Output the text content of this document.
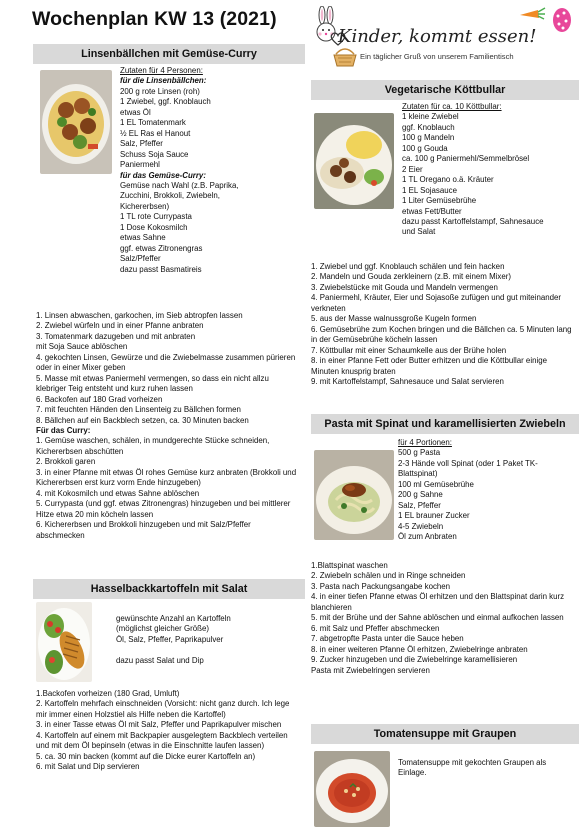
Wochenplan KW 13 (2021)
Kinder, kommt essen!
Ein täglicher Gruß von unserem Familientisch
Linsenbällchen mit Gemüse-Curry
Zutaten für 4 Personen:
für die Linsenbällchen:
200 g rote Linsen (roh)
1 Zwiebel, ggf. Knoblauch
etwas Öl
1 EL Tomatenmark
½ EL Ras el Hanout
Salz, Pfeffer
Schuss Soja Sauce
Paniermehl
für das Gemüse-Curry:
Gemüse nach Wahl (z.B. Paprika,
Zucchini, Brokkoli, Zwiebeln,
Kichererbsen)
1 TL rote Currypasta
1 Dose Kokosmilch
etwas Sahne
ggf. etwas Zitronengras
Salz/Pfeffer
dazu passt Basmatireis
1. Linsen abwaschen, garkochen, im Sieb abtropfen lassen
2. Zwiebel würfeln und in einer Pfanne anbraten
3. Tomatenmark dazugeben und mit anbraten
mit Soja Sauce ablöschen
4. gekochten Linsen, Gewürze und die Zwiebelmasse zusammen pürieren oder in einer Mixer geben
5. Masse mit etwas Paniermehl vermengen, so dass ein nicht allzu klebriger Teig entsteht und kurz ruhen lassen
6. Backofen auf 180 Grad vorheizen
7. mit feuchten Händen den Linsenteig zu Bällchen formen
8. Bällchen auf ein Backblech setzen, ca. 30 Minuten backen
Für das Curry:
1. Gemüse waschen, schälen, in mundgerechte Stücke schneiden, Kichererbsen abschütten
2. Brokkoli garen
3. in einer Pfanne mit etwas Öl rohes Gemüse kurz anbraten (Brokkoli und Kichererbsen erst kurz vorm Ende hinzugeben)
4. mit Kokosmilch und etwas Sahne ablöschen
5. Currypasta (und ggf. etwas Zitronengras) hinzugeben und bei mittlerer Hitze etwa 20 min köcheln lassen
6. Kichererbsen und Brokkoli hinzugeben und mit Salz/Pfeffer abschmecken
Hasselbackkartoffeln mit Salat
gewünschte Anzahl an Kartoffeln
(möglichst gleicher Größe)
Öl, Salz, Pfeffer, Paprikapulver
dazu passt Salat und Dip
1.Backofen vorheizen (180 Grad, Umluft)
2. Kartoffeln mehrfach einschneiden (Vorsicht: nicht ganz durch. Ich lege mir immer einen Holzstiel als Hilfe neben die Kartoffel)
3. in einer Tasse etwas Öl mit Salz, Pfeffer und Paprikapulver mischen
4. Kartoffeln auf einem mit Backpapier ausgelegtem Backblech verteilen und mit dem Öl bepinseln (etwas in die Einschnitte laufen lassen)
5. ca. 30 min backen (kommt auf die Dicke eurer Kartoffeln an)
6. mit Salat und Dip servieren
Vegetarische Köttbullar
Zutaten für ca. 10 Köttbullar:
1 kleine Zwiebel
ggf. Knoblauch
100 g Mandeln
100 g Gouda
ca. 100 g Paniermehl/Semmelbrösel
2 Eier
1 TL Oregano o.ä. Kräuter
1 EL Sojasauce
1 Liter Gemüsebrühe
etwas Fett/Butter
dazu passt Kartoffelstampf, Sahnesauce
und Salat
1. Zwiebel und ggf. Knoblauch schälen und fein hacken
2. Mandeln und Gouda zerkleinern (z.B. mit einem Mixer)
3. Zwiebelstücke mit Gouda und Mandeln vermengen
4. Paniermehl, Kräuter, Eier und Sojasoße zufügen und gut miteinander verkneten
5. aus der Masse walnussgroße Kugeln formen
6. Gemüsebrühe zum Kochen bringen und die Bällchen ca. 5 Minuten lang in der Gemüsebrühe köcheln lassen
7. Köttbullar mit einer Schaumkelle aus der Brühe holen
8. in einer Pfanne Fett oder Butter erhitzen und die Köttbullar einige Minuten knusprig braten
9. mit Kartoffelstampf, Sahnesauce und Salat servieren
Pasta mit Spinat und karamellisierten Zwiebeln
für 4 Portionen:
500 g Pasta
2-3 Hände voll Spinat (oder 1 Paket TK-
Blattspinat)
100 ml Gemüsebrühe
200 g Sahne
Salz, Pfeffer
1 EL brauner Zucker
4-5 Zwiebeln
Öl zum Anbraten
1.Blattspinat waschen
2. Zwiebeln schälen und in Ringe schneiden
3. Pasta nach Packungsangabe kochen
4. in einer tiefen Pfanne etwas Öl erhitzen und den Blattspinat darin kurz blanchieren
5. mit der Brühe und der Sahne ablöschen und einmal aufkochen lassen
6. mit Salz und Pfeffer abschmecken
7. abgetropfte Pasta unter die Sauce heben
8. in einer weiteren Pfanne Öl erhitzen, Zwiebelringe anbraten
9. Zucker hinzugeben und die Zwiebelringe karamellisieren
Pasta mit Zwiebelringen servieren
Tomatensuppe mit Graupen
Tomatensuppe mit gekochten Graupen als
Einlage.
